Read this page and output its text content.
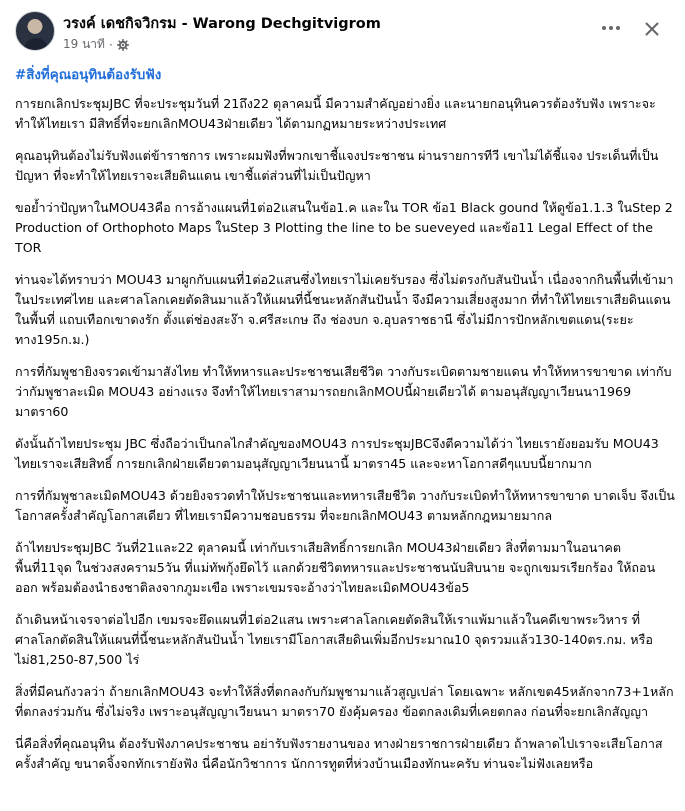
วรงค์ เดชกิจวิกรม - Warong Dechgitvigrom
19 นาที ·
#สิ่งที่คุณอนุทินต้องรับฟัง

การยกเลิกประชุมJBC ที่จะประชุมวันที่ 21ถึง22 ตุลาคมนี้ มีความสำคัญอย่างยิ่ง และนายกอนุทินควรต้องรับฟัง เพราะจะทำให้ไทยเรา มีสิทธิ์ที่จะยกเลิกMOU43ฝ่ายเดียว ได้ตามกฏหมายระหว่างประเทศ

คุณอนุทินต้องไม่รับฟังแต่ข้าราชการ เพราะผมฟังที่พวกเขาชี้แจงประชาชน ผ่านรายการทีวี เขาไม่ได้ชี้แจง ประเด็นที่เป็นปัญหา ที่จะทำให้ไทยเราจะเสียดินแดน เขาชี้แต่ส่วนที่ไม่เป็นปัญหา

ขอย้ำว่าปัญหาในMOU43คือ การอ้างแผนที่1ต่อ2แสนในข้อ1.ค และใน TOR ข้อ1 Black gound ให้ดูข้อ1.1.3 ในStep 2 Production of Orthophoto Maps ในStep 3 Plotting the line to be sueveyed และข้อ11 Legal Effect of the TOR

ท่านจะได้ทราบว่า MOU43 มาผูกกับแผนที่1ต่อ2แสนซึ่งไทยเราไม่เคยรับรอง ซึ่งไม่ตรงกับสันปันน้ำ เนื่องจากกินพื้นที่เข้ามาในประเทศไทย และศาลโลกเคยตัดสินมาแล้วให้แผนที่นี้ชนะหลักสันปันน้ำ จึงมีความเสี่ยงสูงมาก ที่ทำให้ไทยเราเสียดินแดน ในพื้นที่ แถบเทือกเขาดงรัก ตั้งแต่ช่องสะง๊า จ.ศรีสะเกษ ถึง ช่องบก จ.อุบลราชธานี ซึ่งไม่มีการปักหลักเขตแดน(ระยะทาง195ก.ม.)

การที่กัมพูชายิงจรวดเข้ามาสังไทย ทำให้ทหารและประชาชนเสียชีวิต วางกับระเบิดตามชายแดน ทำให้ทหารขาขาด เท่ากับว่ากัมพูชาละเมิด MOU43 อย่างแรง จึงทำให้ไทยเราสามารถยกเลิกMOUนี้ฝ่ายเดียวได้ ตามอนุสัญญาเวียนนา1969 มาตรา60

ดังนั้นถ้าไทยประชุม JBC ซึ่งถือว่าเป็นกลไกสำคัญของMOU43 การประชุมJBCจึงตีความได้ว่า ไทยเรายังยอมรับ MOU43 ไทยเราจะเสียสิทธิ์ การยกเลิกฝ่ายเดียวตามอนุสัญญาเวียนนานี้ มาตรา45 และจะหาโอกาสดีๆแบบนี้ยากมาก

การที่กัมพูชาละเมิดMOU43 ด้วยยิงจรวดทำให้ประชาชนและทหารเสียชีวิต วางกับระเบิดทำให้ทหารขาขาด บาดเจ็บ จึงเป็นโอกาสครั้งสำคัญโอกาสเดียว ที่ไทยเรามีความชอบธรรม ที่จะยกเลิกMOU43 ตามหลักกฎหมายมากล

ถ้าไทยประชุมJBC วันที่21และ22 ตุลาคมนี้ เท่ากับเราเสียสิทธิ์การยกเลิก MOU43ฝ่ายเดียว สิ่งที่ตามมาในอนาคต พื้นที่11จุด ในช่วงสงคราม5วัน ที่แม่ทัพกุ้งยึดไว้ แลกด้วยชีวิตทหารและประชาชนนับสิบนาย จะถูกเขมรเรียกร้อง ให้ถอนออก พร้อมต้องนำธงชาติลงจากภูมะเขือ เพราะเขมรจะอ้างว่าไทยละเมิดMOU43ข้อ5

ถ้าเดินหน้าเจรจาต่อไปอีก เขมรจะยึดแผนที่1ต่อ2แสน เพราะศาลโลกเคยตัดสินให้เราแพ้มาแล้วในคดีเขาพระวิหาร ที่ศาลโลกตัดสินให้แผนที่นี้ชนะหลักสันปันน้ำ ไทยเรามีโอกาสเสียดินเพิ่มอีกประมาณ10 จุดรวมแล้ว130-140ตร.กม. หรือ ไม่81,250-87,500 ไร่

สิ่งที่มีคนกังวลว่า ถ้ายกเลิกMOU43 จะทำให้สิ่งที่ตกลงกับกัมพูชามาแล้วสูญเปล่า โดยเฉพาะ หลักเขต45หลักจาก73+1หลัก ที่ตกลงร่วมกัน ซึ่งไม่จริง เพราะอนุสัญญาเวียนนา มาตรา70 ยังคุ้มครอง ข้อตกลงเดิมที่เคยตกลง ก่อนที่จะยกเลิกสัญญา

นี่คือสิ่งที่คุณอนุทิน ต้องรับฟังภาคประชาชน อย่ารับฟังรายงานของ ทางฝ่ายราชการฝ่ายเดียว ถ้าพลาดไปเราจะเสียโอกาสครั้งสำคัญ ขนาดจิ้งจกทักเรายังฟัง นี่คือนักวิชาการ นักการทูตที่ห่วงบ้านเมืองทักนะครับ ท่านจะไม่ฟังเลยหรือ
